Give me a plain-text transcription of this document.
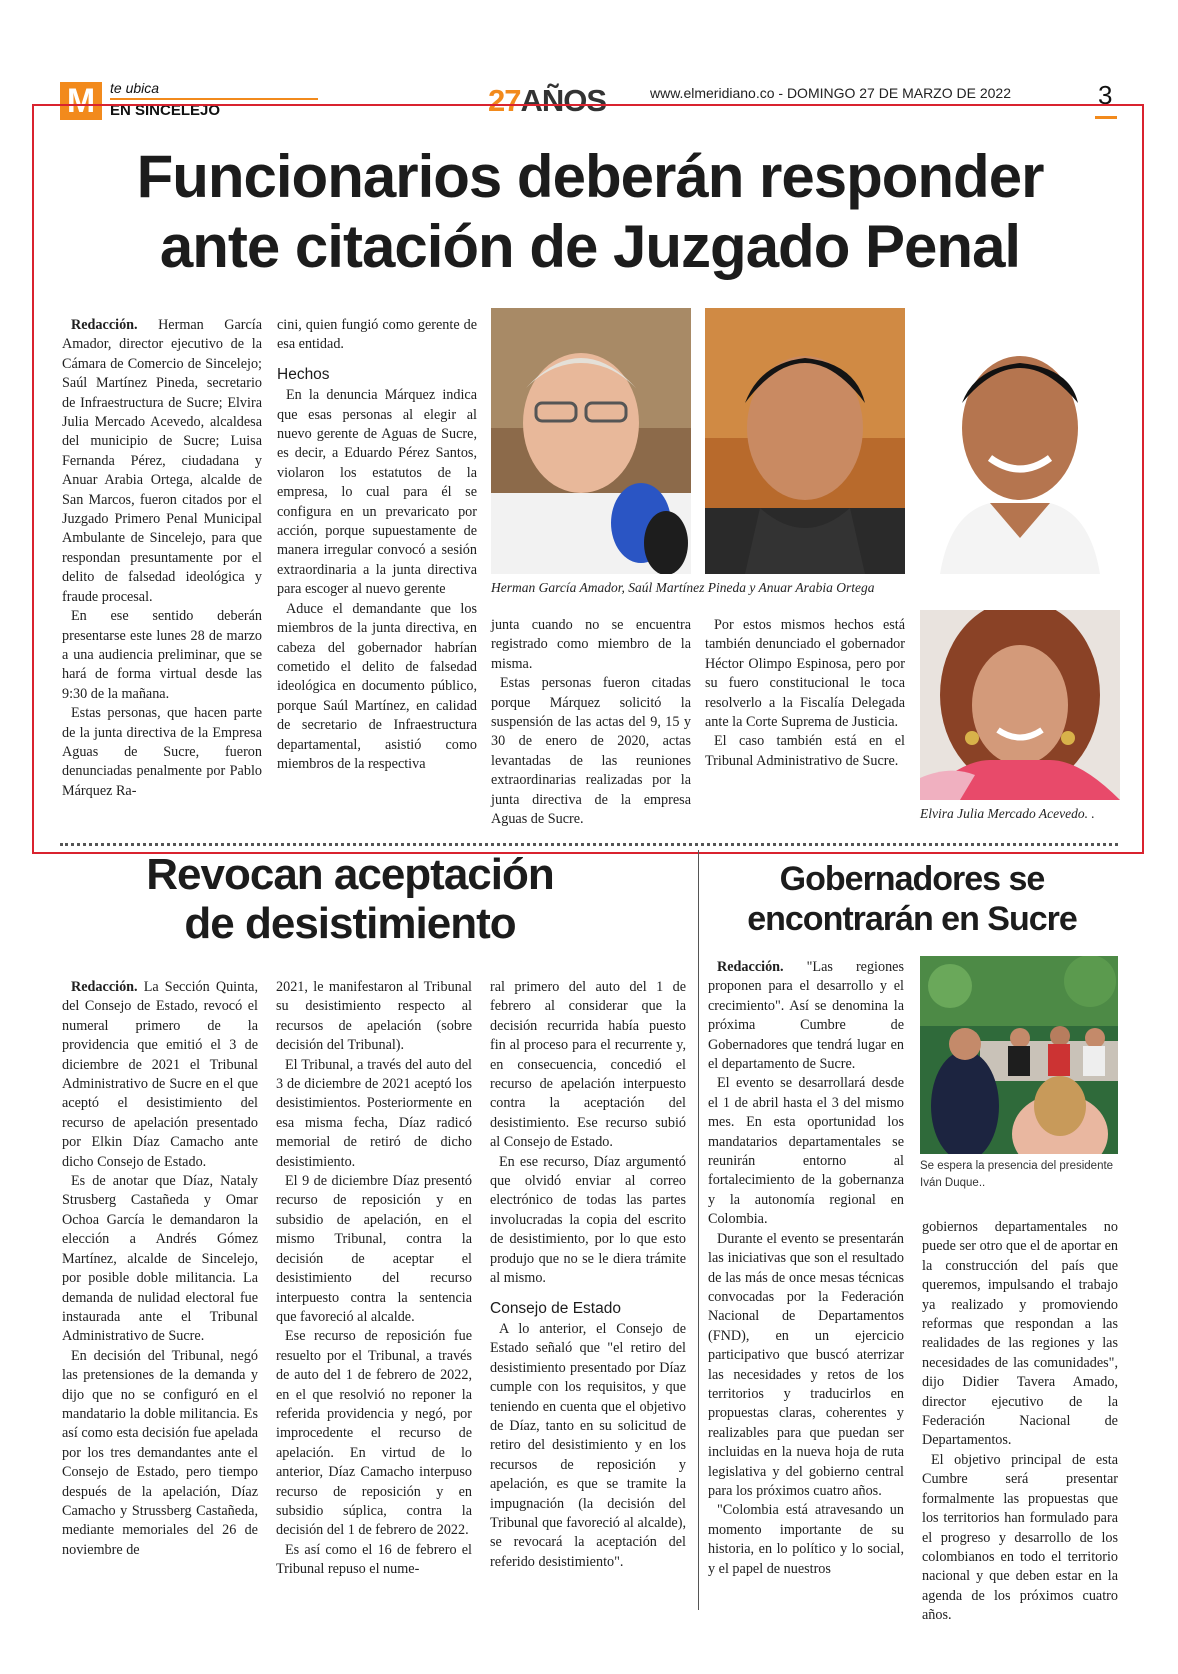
M	te ubica
EN SINCELEJO	27AÑOS	www.elmeridiano.co - DOMINGO 27 DE MARZO DE 2022	3
Funcionarios deberán responder
ante citación de Juzgado Penal

Redacción. Herman García Amador, director ejecutivo de la Cámara de Comercio de Sincelejo; Saúl Martínez Pineda, secretario de Infraestructura de Sucre; Elvira Julia Mercado Acevedo, alcaldesa del municipio de Sucre; Luisa Fernanda Pérez, ciudadana y Anuar Arabia Ortega, alcalde de San Marcos, fueron citados por el Juzgado Primero Penal Municipal Ambulante de Sincelejo, para que respondan presuntamente por el delito de falsedad ideológica y fraude procesal.

En ese sentido deberán presentarse este lunes 28 de marzo a una audiencia preliminar, que se hará de forma virtual desde las 9:30 de la mañana.

Estas personas, que hacen parte de la junta directiva de la Empresa Aguas de Sucre, fueron denunciadas penalmente por Pablo Márquez Ra-

cini, quien fungió como gerente de esa entidad.

Hechos

En la denuncia Márquez indica que esas personas al elegir al nuevo gerente de Aguas de Sucre, es decir, a Eduardo Pérez Santos, violaron los estatutos de la empresa, lo cual para él se configura en un prevaricato por acción, porque supuestamente de manera irregular convocó a sesión extraordinaria a la junta directiva para escoger al nuevo gerente

Aduce el demandante que los miembros de la junta directiva, en cabeza del gobernador habrían cometido el delito de falsedad ideológica en documento público, porque Saúl Martínez, en calidad de secretario de Infraestructura departamental, asistió como miembros de la respectiva

Herman García Amador, Saúl Martínez Pineda y Anuar Arabia Ortega

junta cuando no se encuentra registrado como miembro de la misma.

Estas personas fueron citadas porque Márquez solicitó la suspensión de las actas del 9, 15 y 30 de enero de 2020, actas levantadas de las reuniones extraordinarias realizadas por la junta directiva de la empresa Aguas de Sucre.

Por estos mismos hechos está también denunciado el gobernador Héctor Olimpo Espinosa, pero por su fuero constitucional le toca resolverlo a la Fiscalía Delegada ante la Corte Suprema de Justicia.

El caso también está en el Tribunal Administrativo de Sucre.

Elvira Julia Mercado Acevedo. .
Revocan aceptación
de desistimiento

Redacción. La Sección Quinta, del Consejo de Estado, revocó el numeral primero de la providencia que emitió el 3 de diciembre de 2021 el Tribunal Administrativo de Sucre en el que aceptó el desistimiento del recurso de apelación presentado por Elkin Díaz Camacho ante dicho Consejo de Estado.

Es de anotar que Díaz, Nataly Strusberg Castañeda y Omar Ochoa García le demandaron la elección a Andrés Gómez Martínez, alcalde de Sincelejo, por posible doble militancia. La demanda de nulidad electoral fue instaurada ante el Tribunal Administrativo de Sucre.

En decisión del Tribunal, negó las pretensiones de la demanda y dijo que no se configuró en el mandatario la doble militancia. Es así como esta decisión fue apelada por los tres demandantes ante el Consejo de Estado, pero tiempo después de la apelación, Díaz Camacho y Strussberg Castañeda, mediante memoriales del 26 de noviembre de

2021, le manifestaron al Tribunal su desistimiento respecto al recursos de apelación (sobre decisión del Tribunal).

El Tribunal, a través del auto del 3 de diciembre de 2021 aceptó los desistimientos. Posteriormente en esa misma fecha, Díaz radicó memorial de retiró de dicho desistimiento.

El 9 de diciembre Díaz presentó recurso de reposición y en subsidio de apelación, en el mismo Tribunal, contra la decisión de aceptar el desistimiento del recurso interpuesto contra la sentencia que favoreció al alcalde.

Ese recurso de reposición fue resuelto por el Tribunal, a través de auto del 1 de febrero de 2022, en el que resolvió no reponer la referida providencia y negó, por improcedente el recurso de apelación. En virtud de lo anterior, Díaz Camacho interpuso recurso de reposición y en subsidio súplica, contra la decisión del 1 de febrero de 2022.

Es así como el 16 de febrero el Tribunal repuso el nume-

ral primero del auto del 1 de febrero al considerar que la decisión recurrida había puesto fin al proceso para el recurrente y, en consecuencia, concedió el recurso de apelación interpuesto contra la aceptación del desistimiento. Ese recurso subió al Consejo de Estado.

En ese recurso, Díaz argumentó que olvidó enviar al correo electrónico de todas las partes involucradas la copia del escrito de desistimiento, por lo que esto produjo que no se le diera trámite al mismo.

Consejo de Estado

A lo anterior, el Consejo de Estado señaló que "el retiro del desistimiento presentado por Díaz cumple con los requisitos, y que teniendo en cuenta que el objetivo de Díaz, tanto en su solicitud de retiro del desistimiento y en los recursos de reposición y apelación, es que se tramite la impugnación (la decisión del Tribunal que favoreció al alcalde), se revocará la aceptación del referido desistimiento".

Gobernadores se
encontrarán en Sucre

Redacción. "Las regiones proponen para el desarrollo y el crecimiento". Así se denomina la próxima Cumbre de Gobernadores que tendrá lugar en el departamento de Sucre.

El evento se desarrollará desde el 1 de abril hasta el 3 del mismo mes. En esta oportunidad los mandatarios departamentales se reunirán entorno al fortalecimiento de la gobernanza y la autonomía regional en Colombia.

Durante el evento se presentarán las iniciativas que son el resultado de las más de once mesas técnicas convocadas por la Federación Nacional de Departamentos (FND), en un ejercicio participativo que buscó aterrizar las necesidades y retos de los territorios y traducirlos en propuestas claras, coherentes y realizables para que puedan ser incluidas en la nueva hoja de ruta legislativa y del gobierno central para los próximos cuatro años.

"Colombia está atravesando un momento importante de su historia, en lo político y lo social, y el papel de nuestros

Se espera la presencia del presidente Iván Duque..

gobiernos departamentales no puede ser otro que el de aportar en la construcción del país que queremos, impulsando el trabajo ya realizado y promoviendo reformas que respondan a las realidades de las regiones y las necesidades de las comunidades", dijo Didier Tavera Amado, director ejecutivo de la Federación Nacional de Departamentos.

El objetivo principal de esta Cumbre será presentar formalmente las propuestas que los territorios han formulado para el progreso y desarrollo de los colombianos en todo el territorio nacional y que deben estar en la agenda de los próximos cuatro años.
